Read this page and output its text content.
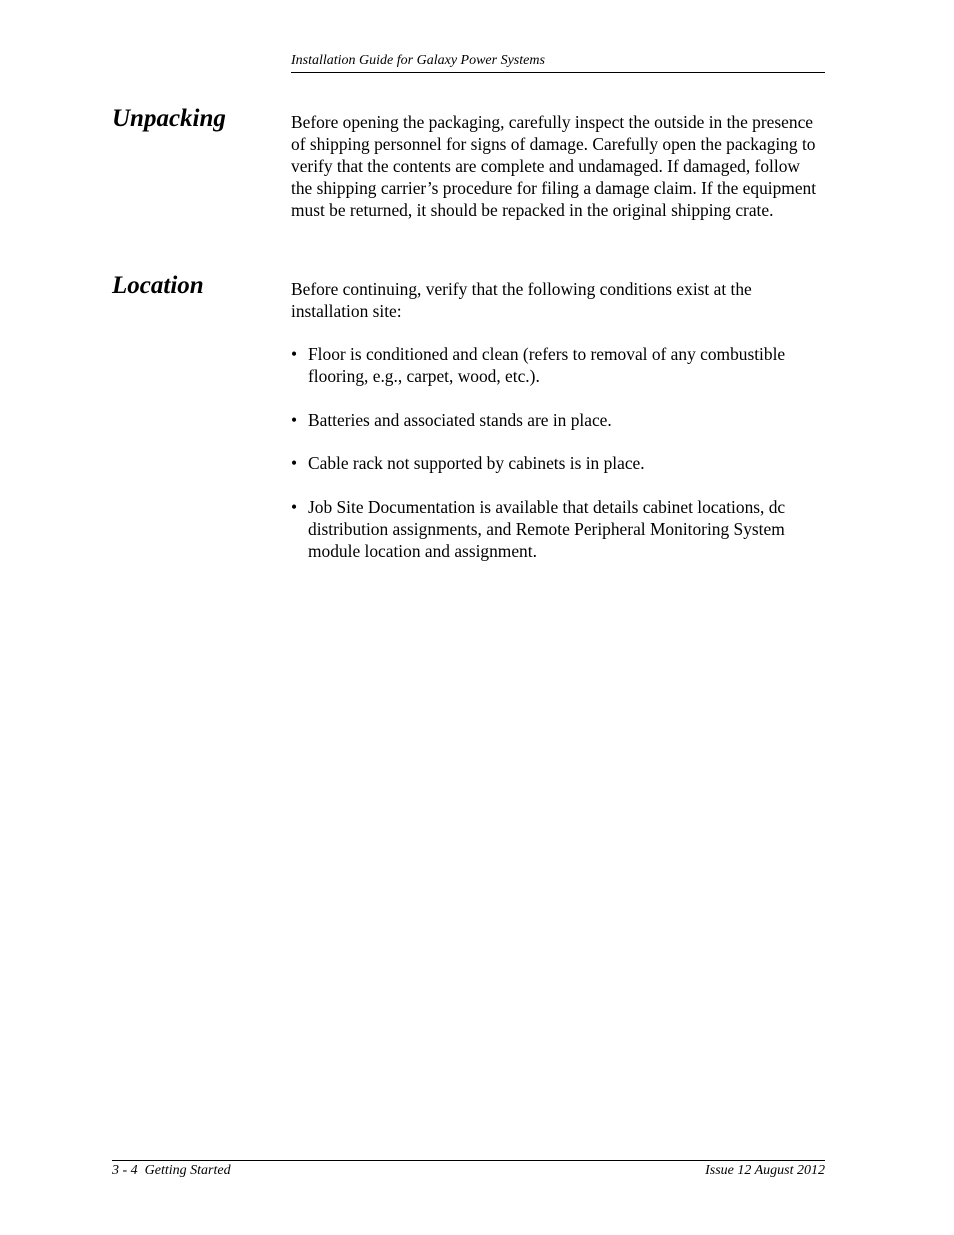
Installation Guide for Galaxy Power Systems
Unpacking	Before opening the packaging, carefully inspect the outside in the presence of shipping personnel for signs of damage. Carefully open the packaging to verify that the contents are complete and undamaged. If damaged, follow the shipping carrier’s procedure for filing a damage claim. If the equipment must be returned, it should be repacked in the original shipping crate.

Location	Before continuing, verify that the following conditions exist at the installation site:

• Floor is conditioned and clean (refers to removal of any combustible flooring, e.g., carpet, wood, etc.).
• Batteries and associated stands are in place.
• Cable rack not supported by cabinets is in place.
• Job Site Documentation is available that details cabinet locations, dc distribution assignments, and Remote Peripheral Monitoring System module location and assignment.
3 - 4  Getting Started	Issue 12 August 2012
